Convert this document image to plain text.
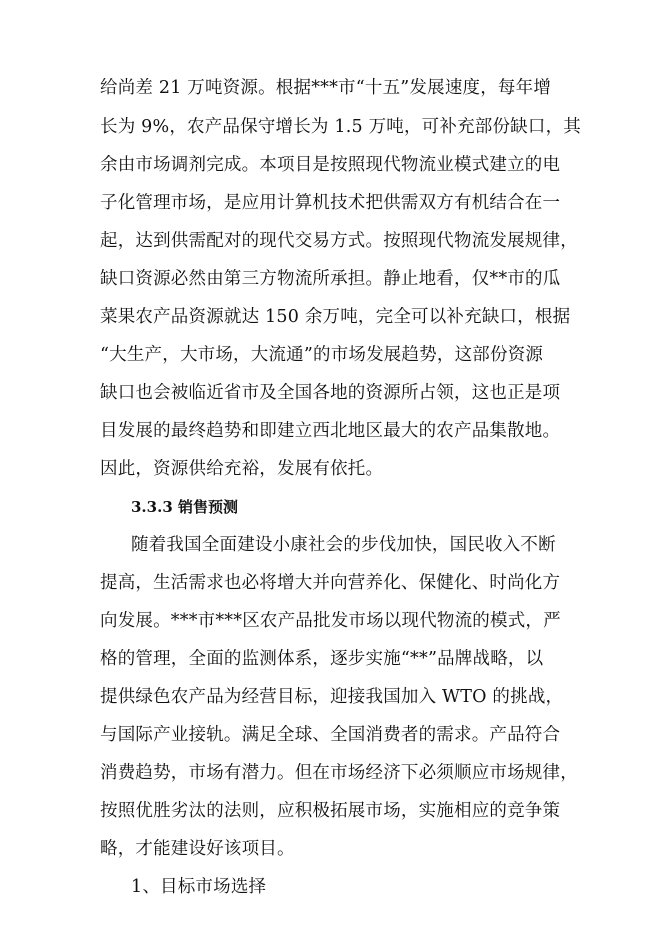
给尚差 21 万吨资源。根据***市“十五”发展速度，每年增
长为 9%，农产品保守增长为 1.5 万吨，可补充部份缺口，其
余由市场调剂完成。本项目是按照现代物流业模式建立的电
子化管理市场，是应用计算机技术把供需双方有机结合在一
起，达到供需配对的现代交易方式。按照现代物流发展规律，
缺口资源必然由第三方物流所承担。静止地看，仅**市的瓜
菜果农产品资源就达 150 余万吨，完全可以补充缺口，根据
“大生产，大市场，大流通”的市场发展趋势，这部份资源
缺口也会被临近省市及全国各地的资源所占领，这也正是项
目发展的最终趋势和即建立西北地区最大的农产品集散地。
因此，资源供给充裕，发展有依托。
3.3.3 销售预测
随着我国全面建设小康社会的步伐加快，国民收入不断
提高，生活需求也必将增大并向营养化、保健化、时尚化方
向发展。***市***区农产品批发市场以现代物流的模式，严
格的管理，全面的监测体系，逐步实施“**”品牌战略，以
提供绿色农产品为经营目标，迎接我国加入 WTO 的挑战，
与国际产业接轨。满足全球、全国消费者的需求。产品符合
消费趋势，市场有潜力。但在市场经济下必须顺应市场规律，
按照优胜劣汰的法则，应积极拓展市场，实施相应的竞争策
略，才能建设好该项目。
1、目标市场选择
